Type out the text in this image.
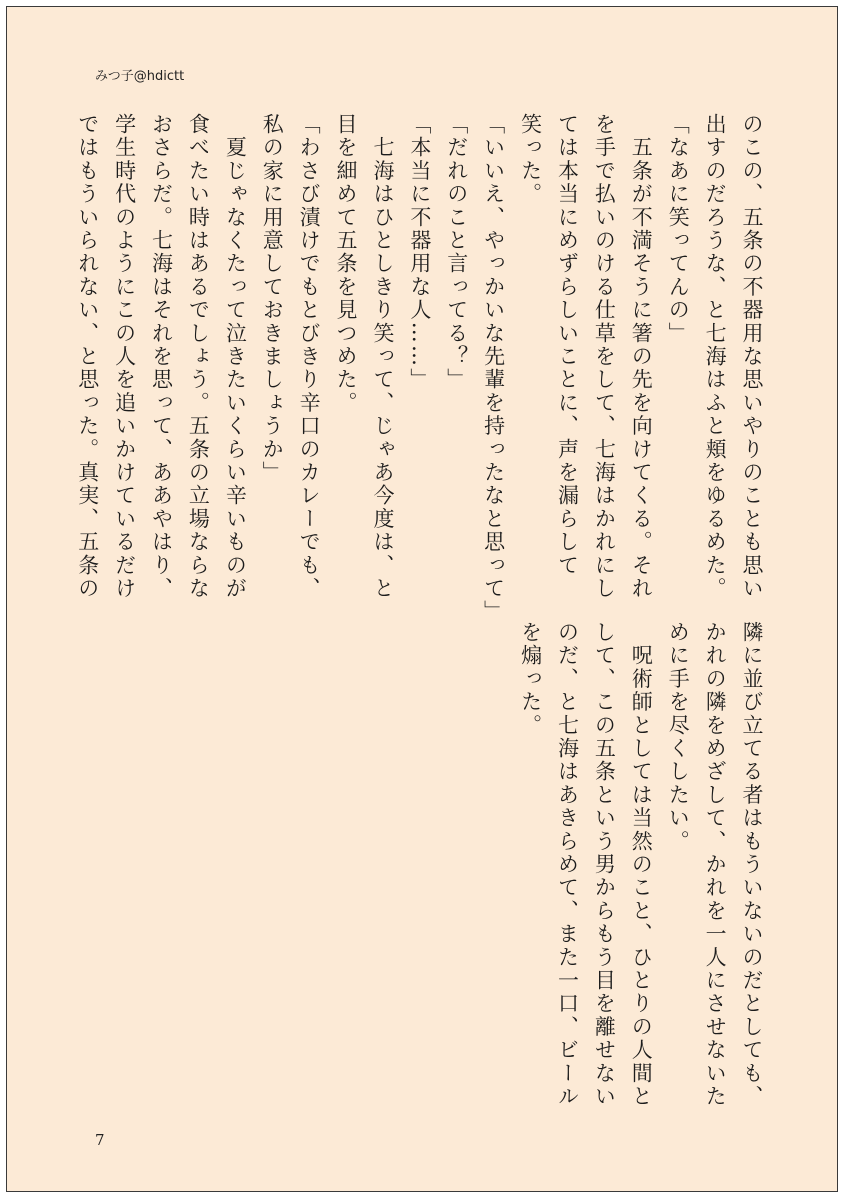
みつ子@hdictt
のこの、五条の不器用な思いやりのことも思い
出すのだろうな、と七海はふと頬をゆるめた。
「なあに笑ってんの」
　五条が不満そうに箸の先を向けてくる。それ
を手で払いのける仕草をして、七海はかれにし
ては本当にめずらしいことに、声を漏らして
笑った。
「いいえ、やっかいな先輩を持ったなと思って」
「だれのこと言ってる？」
「本当に不器用な人……」
　七海はひとしきり笑って、じゃあ今度は、と
目を細めて五条を見つめた。
「わさび漬けでもとびきり辛口のカレーでも、
私の家に用意しておきましょうか」
　夏じゃなくたって泣きたいくらい辛いものが
食べたい時はあるでしょう。五条の立場ならな
おさらだ。七海はそれを思って、ああやはり、
学生時代のようにこの人を追いかけているだけ
ではもういられない、と思った。真実、五条の
隣に並び立てる者はもういないのだとしても、
かれの隣をめざして、かれを一人にさせないた
めに手を尽くしたい。
　呪術師としては当然のこと、ひとりの人間と
して、この五条という男からもう目を離せない
のだ、と七海はあきらめて、また一口、ビール
を煽った。
7
